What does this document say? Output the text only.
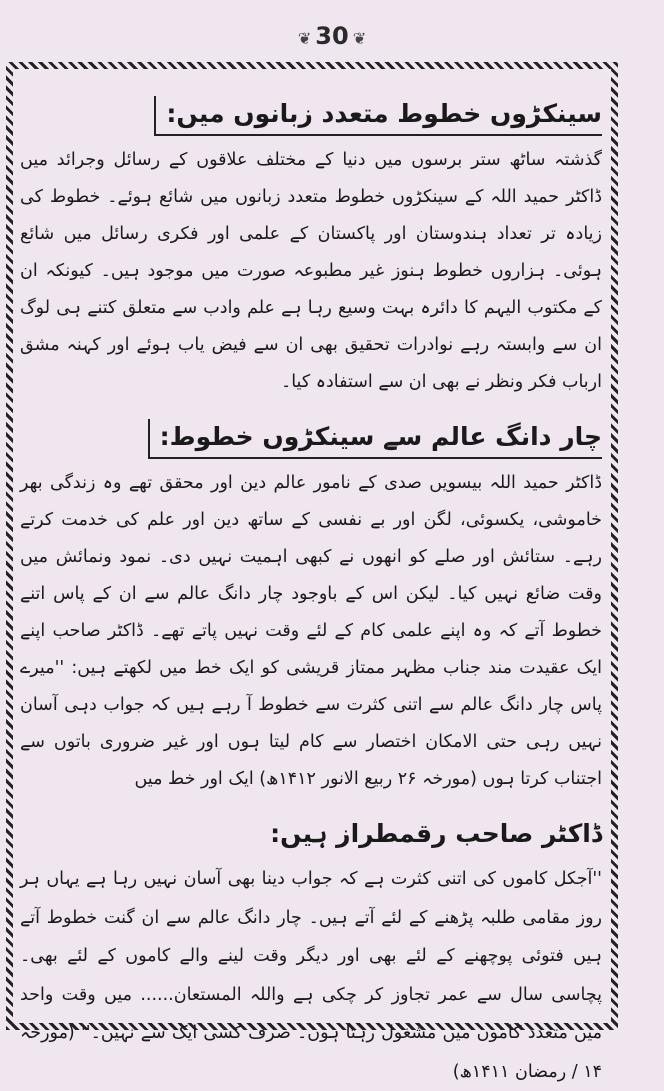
❦ 30 ❦
سینکڑوں خطوط متعدد زبانوں میں:

گذشتہ ساٹھ ستر برسوں میں دنیا کے مختلف علاقوں کے رسائل وجرائد میں ڈاکٹر حمید اللہ کے سینکڑوں خطوط متعدد زبانوں میں شائع ہوئے۔ خطوط کی زیادہ تر تعداد ہندوستان اور پاکستان کے علمی اور فکری رسائل میں شائع ہوئی۔ ہزاروں خطوط ہنوز غیر مطبوعہ صورت میں موجود ہیں۔ کیونکہ ان کے مکتوب الیہم کا دائرہ بہت وسیع رہا ہے علم وادب سے متعلق کتنے ہی لوگ ان سے وابستہ رہے نوادرات تحقیق بھی ان سے فیض یاب ہوئے اور کہنہ مشق ارباب فکر ونظر نے بھی ان سے استفادہ کیا۔

چار دانگ عالم سے سینکڑوں خطوط:

ڈاکٹر حمید اللہ بیسویں صدی کے نامور عالم دین اور محقق تھے وہ زندگی بھر خاموشی، یکسوئی، لگن اور بے نفسی کے ساتھ دین اور علم کی خدمت کرتے رہے۔ ستائش اور صلے کو انھوں نے کبھی اہمیت نہیں دی۔ نمود ونمائش میں وقت ضائع نہیں کیا۔ لیکن اس کے باوجود چار دانگ عالم سے ان کے پاس اتنے خطوط آتے کہ وہ اپنے علمی کام کے لئے وقت نہیں پاتے تھے۔ ڈاکٹر صاحب اپنے ایک عقیدت مند جناب مظہر ممتاز قریشی کو ایک خط میں لکھتے ہیں: ''میرے پاس چار دانگ عالم سے اتنی کثرت سے خطوط آ رہے ہیں کہ جواب دہی آسان نہیں رہی حتی الامکان اختصار سے کام لیتا ہوں اور غیر ضروری باتوں سے اجتناب کرتا ہوں (مورخہ ۲۶ ربیع الانور ۱۴۱۲ھ) ایک اور خط میں

ڈاکٹر صاحب رقمطراز ہیں:

''آجکل کاموں کی اتنی کثرت ہے کہ جواب دینا بھی آسان نہیں رہا ہے یہاں ہر روز مقامی طلبہ پڑھنے کے لئے آتے ہیں۔ چار دانگ عالم سے ان گنت خطوط آتے ہیں فتوئی پوچھنے کے لئے بھی اور دیگر وقت لینے والے کاموں کے لئے بھی۔ پچاسی سال سے عمر تجاوز کر چکی ہے واللہ المستعان...... میں وقت واحد میں متعدد کاموں میں مشغول رہتا ہوں۔ صرف کسی ایک سے نہیں۔'' (مورخہ ۱۴ / رمضان ۱۴۱۱ھ)
